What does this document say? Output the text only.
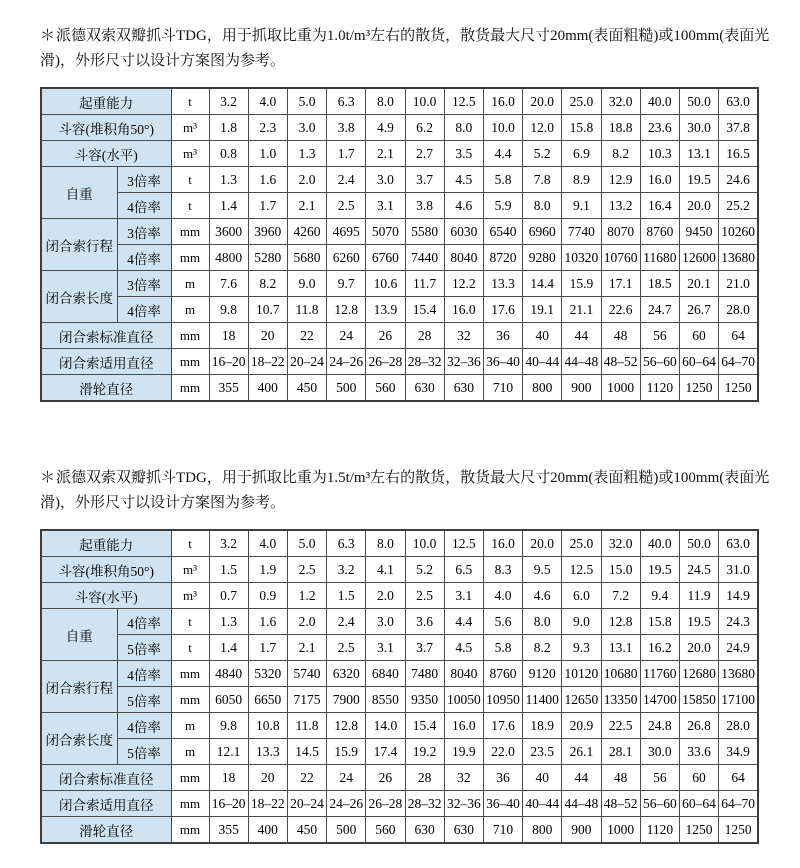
＊派德双索双瓣抓斗TDG，用于抓取比重为1.0t/m³左右的散货，散货最大尺寸20mm(表面粗糙)或100mm(表面光滑)，外形尺寸以设计方案图为参考。

起重能力		t	3.2	4.0	5.0	6.3	8.0	10.0	12.5	16.0	20.0	25.0	32.0	40.0	50.0	63.0
斗容(堆积角50°)		m³	1.8	2.3	3.0	3.8	4.9	6.2	8.0	10.0	12.0	15.8	18.8	23.6	30.0	37.8
斗容(水平)		m³	0.8	1.0	1.3	1.7	2.1	2.7	3.5	4.4	5.2	6.9	8.2	10.3	13.1	16.5
自重	3倍率	t	1.3	1.6	2.0	2.4	3.0	3.7	4.5	5.8	7.8	8.9	12.9	16.0	19.5	24.6
	4倍率	t	1.4	1.7	2.1	2.5	3.1	3.8	4.6	5.9	8.0	9.1	13.2	16.4	20.0	25.2
闭合索行程	3倍率	mm	3600	3960	4260	4695	5070	5580	6030	6540	6960	7740	8070	8760	9450	10260
	4倍率	mm	4800	5280	5680	6260	6760	7440	8040	8720	9280	10320	10760	11680	12600	13680
闭合索长度	3倍率	m	7.6	8.2	9.0	9.7	10.6	11.7	12.2	13.3	14.4	15.9	17.1	18.5	20.1	21.0
	4倍率	m	9.8	10.7	11.8	12.8	13.9	15.4	16.0	17.6	19.1	21.1	22.6	24.7	26.7	28.0
闭合索标准直径		mm	18	20	22	24	26	28	32	36	40	44	48	56	60	64
闭合索适用直径		mm	16–20	18–22	20–24	24–26	26–28	28–32	32–36	36–40	40–44	44–48	48–52	56–60	60–64	64–70
滑轮直径		mm	355	400	450	500	560	630	630	710	800	900	1000	1120	1250	1250

＊派德双索双瓣抓斗TDG，用于抓取比重为1.5t/m³左右的散货，散货最大尺寸20mm(表面粗糙)或100mm(表面光滑)，外形尺寸以设计方案图为参考。

起重能力		t	3.2	4.0	5.0	6.3	8.0	10.0	12.5	16.0	20.0	25.0	32.0	40.0	50.0	63.0
斗容(堆积角50°)		m³	1.5	1.9	2.5	3.2	4.1	5.2	6.5	8.3	9.5	12.5	15.0	19.5	24.5	31.0
斗容(水平)		m³	0.7	0.9	1.2	1.5	2.0	2.5	3.1	4.0	4.6	6.0	7.2	9.4	11.9	14.9
自重	4倍率	t	1.3	1.6	2.0	2.4	3.0	3.6	4.4	5.6	8.0	9.0	12.8	15.8	19.5	24.3
	5倍率	t	1.4	1.7	2.1	2.5	3.1	3.7	4.5	5.8	8.2	9.3	13.1	16.2	20.0	24.9
闭合索行程	4倍率	mm	4840	5320	5740	6320	6840	7480	8040	8760	9120	10120	10680	11760	12680	13680
	5倍率	mm	6050	6650	7175	7900	8550	9350	10050	10950	11400	12650	13350	14700	15850	17100
闭合索长度	4倍率	m	9.8	10.8	11.8	12.8	14.0	15.4	16.0	17.6	18.9	20.9	22.5	24.8	26.8	28.0
	5倍率	m	12.1	13.3	14.5	15.9	17.4	19.2	19.9	22.0	23.5	26.1	28.1	30.0	33.6	34.9
闭合索标准直径		mm	18	20	22	24	26	28	32	36	40	44	48	56	60	64
闭合索适用直径		mm	16–20	18–22	20–24	24–26	26–28	28–32	32–36	36–40	40–44	44–48	48–52	56–60	60–64	64–70
滑轮直径		mm	355	400	450	500	560	630	630	710	800	900	1000	1120	1250	1250
